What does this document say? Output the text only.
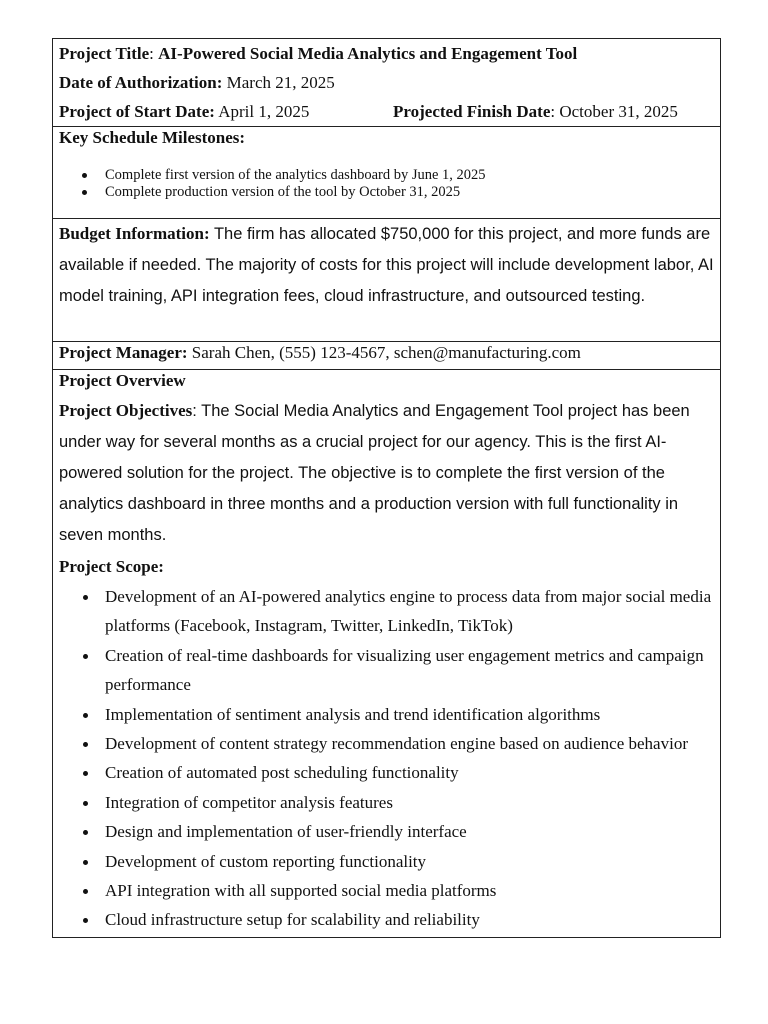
Project Title: AI-Powered Social Media Analytics and Engagement Tool
Date of Authorization: March 21, 2025
Project of Start Date: April 1, 2025	Projected Finish Date: October 31, 2025
Key Schedule Milestones:
Complete first version of the analytics dashboard by June 1, 2025
Complete production version of the tool by October 31, 2025
Budget Information: The firm has allocated $750,000 for this project, and more funds are available if needed. The majority of costs for this project will include development labor, AI model training, API integration fees, cloud infrastructure, and outsourced testing.
Project Manager: Sarah Chen, (555) 123-4567, schen@manufacturing.com
Project Overview
Project Objectives: The Social Media Analytics and Engagement Tool project has been under way for several months as a crucial project for our agency. This is the first AI-powered solution for the project. The objective is to complete the first version of the analytics dashboard in three months and a production version with full functionality in seven months.
Project Scope:
Development of an AI-powered analytics engine to process data from major social media platforms (Facebook, Instagram, Twitter, LinkedIn, TikTok)
Creation of real-time dashboards for visualizing user engagement metrics and campaign performance
Implementation of sentiment analysis and trend identification algorithms
Development of content strategy recommendation engine based on audience behavior
Creation of automated post scheduling functionality
Integration of competitor analysis features
Design and implementation of user-friendly interface
Development of custom reporting functionality
API integration with all supported social media platforms
Cloud infrastructure setup for scalability and reliability
